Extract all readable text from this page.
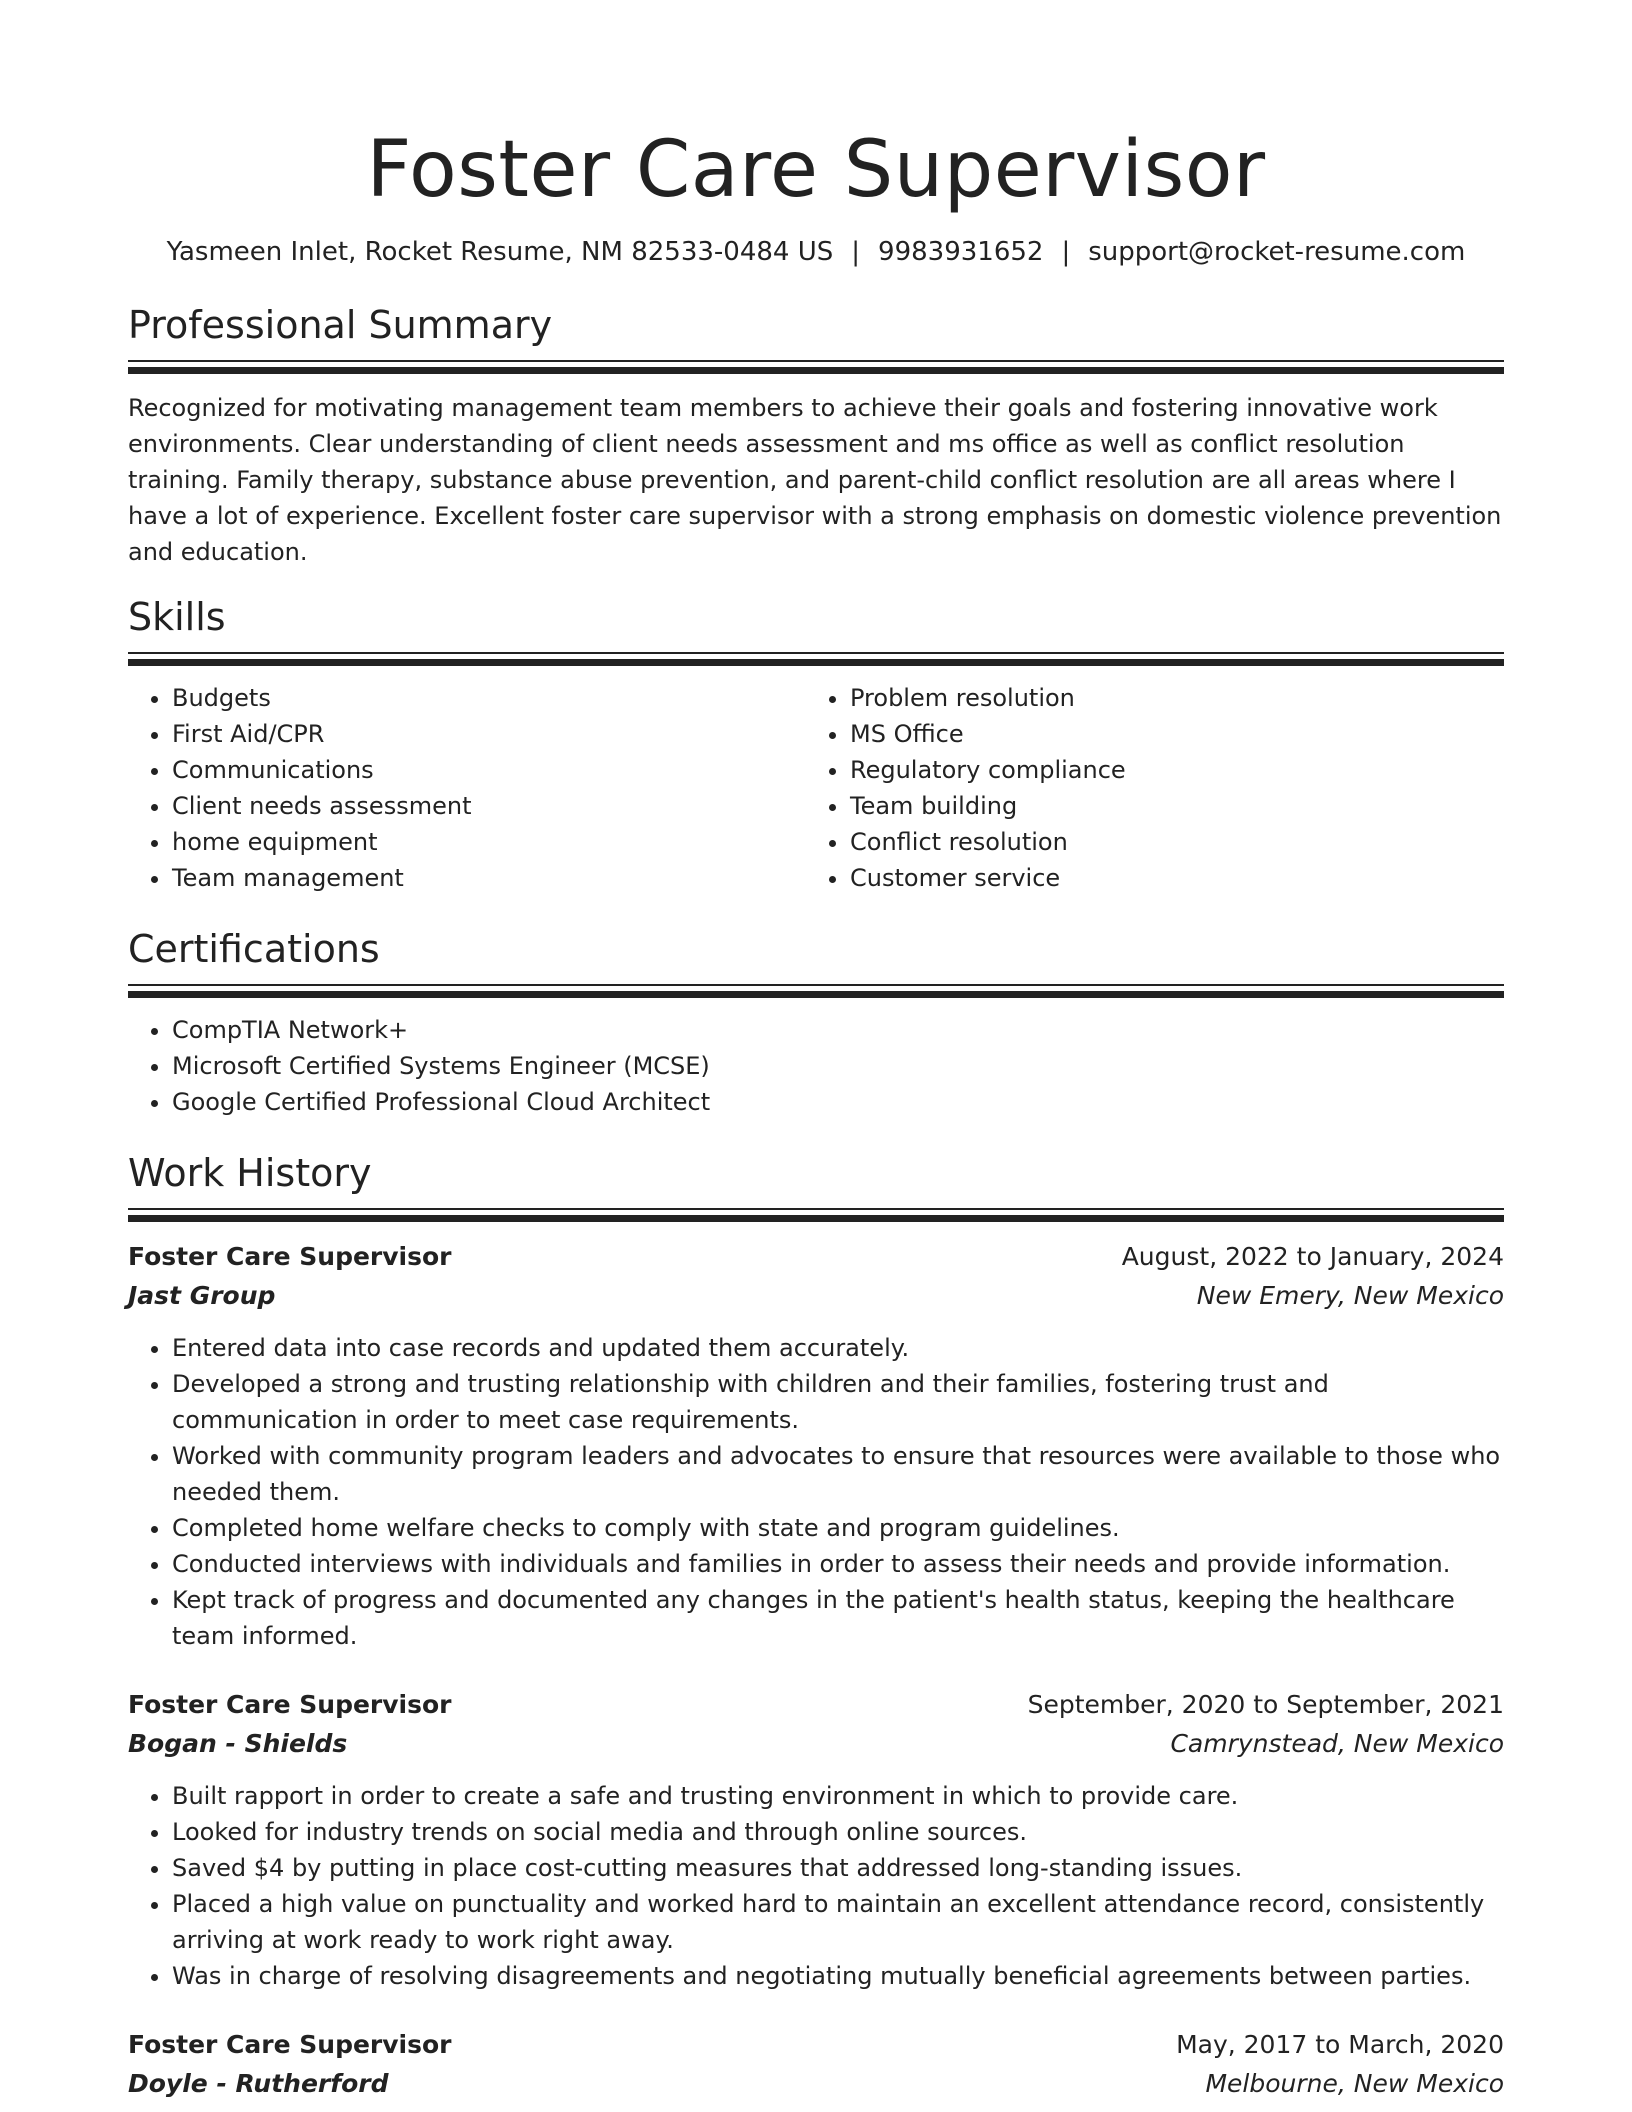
Foster Care Supervisor
Yasmeen Inlet, Rocket Resume, NM 82533-0484 US | 9983931652 | support@rocket-resume.com
Professional Summary
Recognized for motivating management team members to achieve their goals and fostering innovative work environments. Clear understanding of client needs assessment and ms office as well as conflict resolution training. Family therapy, substance abuse prevention, and parent-child conflict resolution are all areas where I have a lot of experience. Excellent foster care supervisor with a strong emphasis on domestic violence prevention and education.
Skills
• Budgets
• First Aid/CPR
• Communications
• Client needs assessment
• home equipment
• Team management
• Problem resolution
• MS Office
• Regulatory compliance
• Team building
• Conflict resolution
• Customer service
Certifications
• CompTIA Network+
• Microsoft Certified Systems Engineer (MCSE)
• Google Certified Professional Cloud Architect
Work History
Foster Care Supervisor	August, 2022 to January, 2024
Jast Group	New Emery, New Mexico
• Entered data into case records and updated them accurately.
• Developed a strong and trusting relationship with children and their families, fostering trust and communication in order to meet case requirements.
• Worked with community program leaders and advocates to ensure that resources were available to those who needed them.
• Completed home welfare checks to comply with state and program guidelines.
• Conducted interviews with individuals and families in order to assess their needs and provide information.
• Kept track of progress and documented any changes in the patient's health status, keeping the healthcare team informed.
Foster Care Supervisor	September, 2020 to September, 2021
Bogan - Shields	Camrynstead, New Mexico
• Built rapport in order to create a safe and trusting environment in which to provide care.
• Looked for industry trends on social media and through online sources.
• Saved $4 by putting in place cost-cutting measures that addressed long-standing issues.
• Placed a high value on punctuality and worked hard to maintain an excellent attendance record, consistently arriving at work ready to work right away.
• Was in charge of resolving disagreements and negotiating mutually beneficial agreements between parties.
Foster Care Supervisor	May, 2017 to March, 2020
Doyle - Rutherford	Melbourne, New Mexico
